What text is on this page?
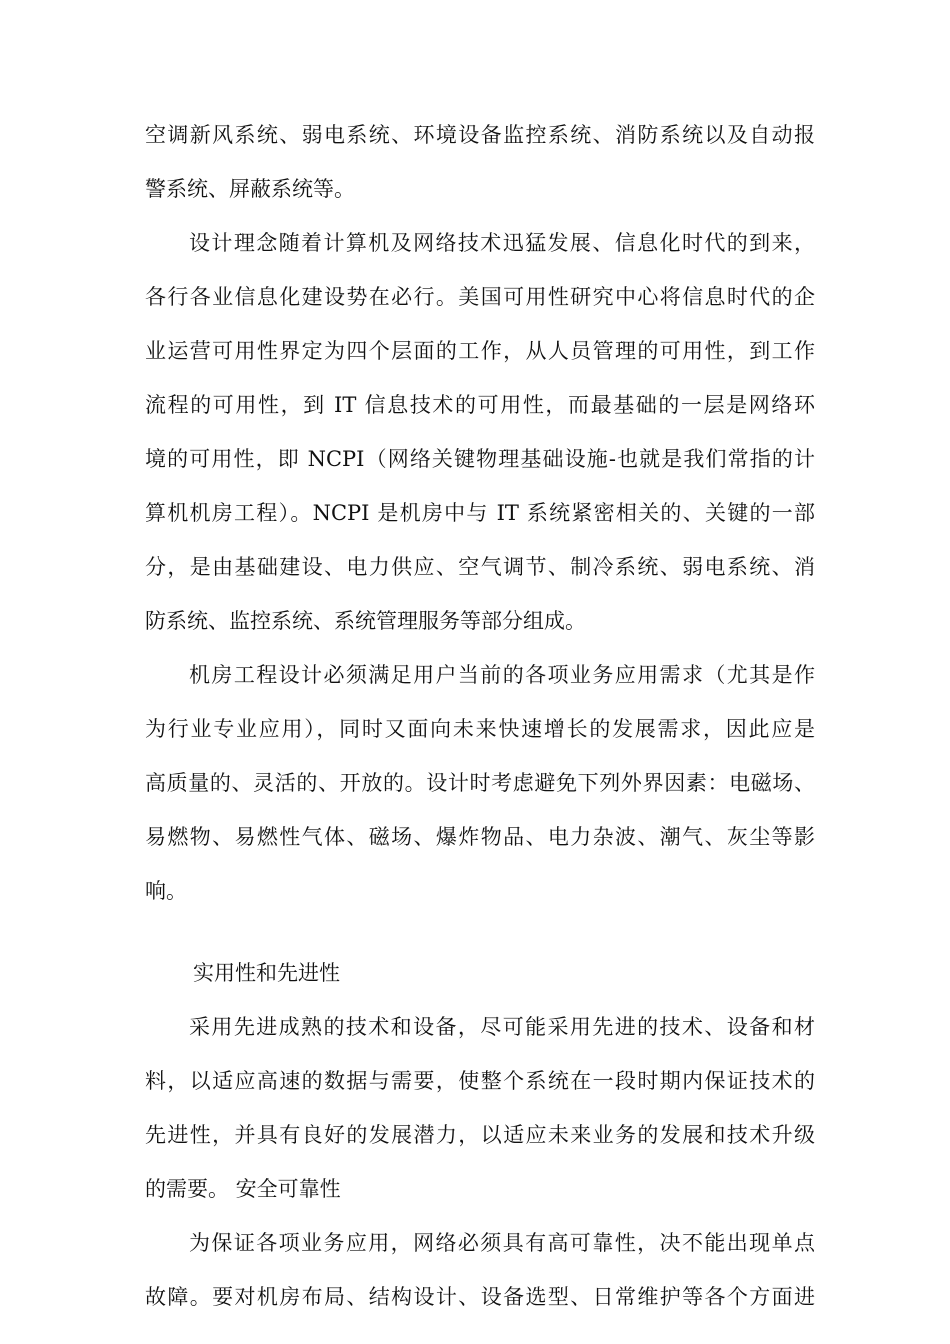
空调新风系统、弱电系统、环境设备监控系统、消防系统以及自动报
警系统、屏蔽系统等。
设计理念随着计算机及网络技术迅猛发展、信息化时代的到来，
各行各业信息化建设势在必行。美国可用性研究中心将信息时代的企
业运营可用性界定为四个层面的工作，从人员管理的可用性，到工作
流程的可用性，到 IT 信息技术的可用性，而最基础的一层是网络环
境的可用性，即 NCPI（网络关键物理基础设施-也就是我们常指的计
算机机房工程）。NCPI 是机房中与 IT 系统紧密相关的、关键的一部
分，是由基础建设、电力供应、空气调节、制冷系统、弱电系统、消
防系统、监控系统、系统管理服务等部分组成。
机房工程设计必须满足用户当前的各项业务应用需求（尤其是作
为行业专业应用），同时又面向未来快速增长的发展需求，因此应是
高质量的、灵活的、开放的。设计时考虑避免下列外界因素：电磁场、
易燃物、易燃性气体、磁场、爆炸物品、电力杂波、潮气、灰尘等影
响。
实用性和先进性
采用先进成熟的技术和设备，尽可能采用先进的技术、设备和材
料，以适应高速的数据与需要，使整个系统在一段时期内保证技术的
先进性，并具有良好的发展潜力，以适应未来业务的发展和技术升级
的需要。 安全可靠性
为保证各项业务应用，网络必须具有高可靠性，决不能出现单点
故障。要对机房布局、结构设计、设备选型、日常维护等各个方面进
